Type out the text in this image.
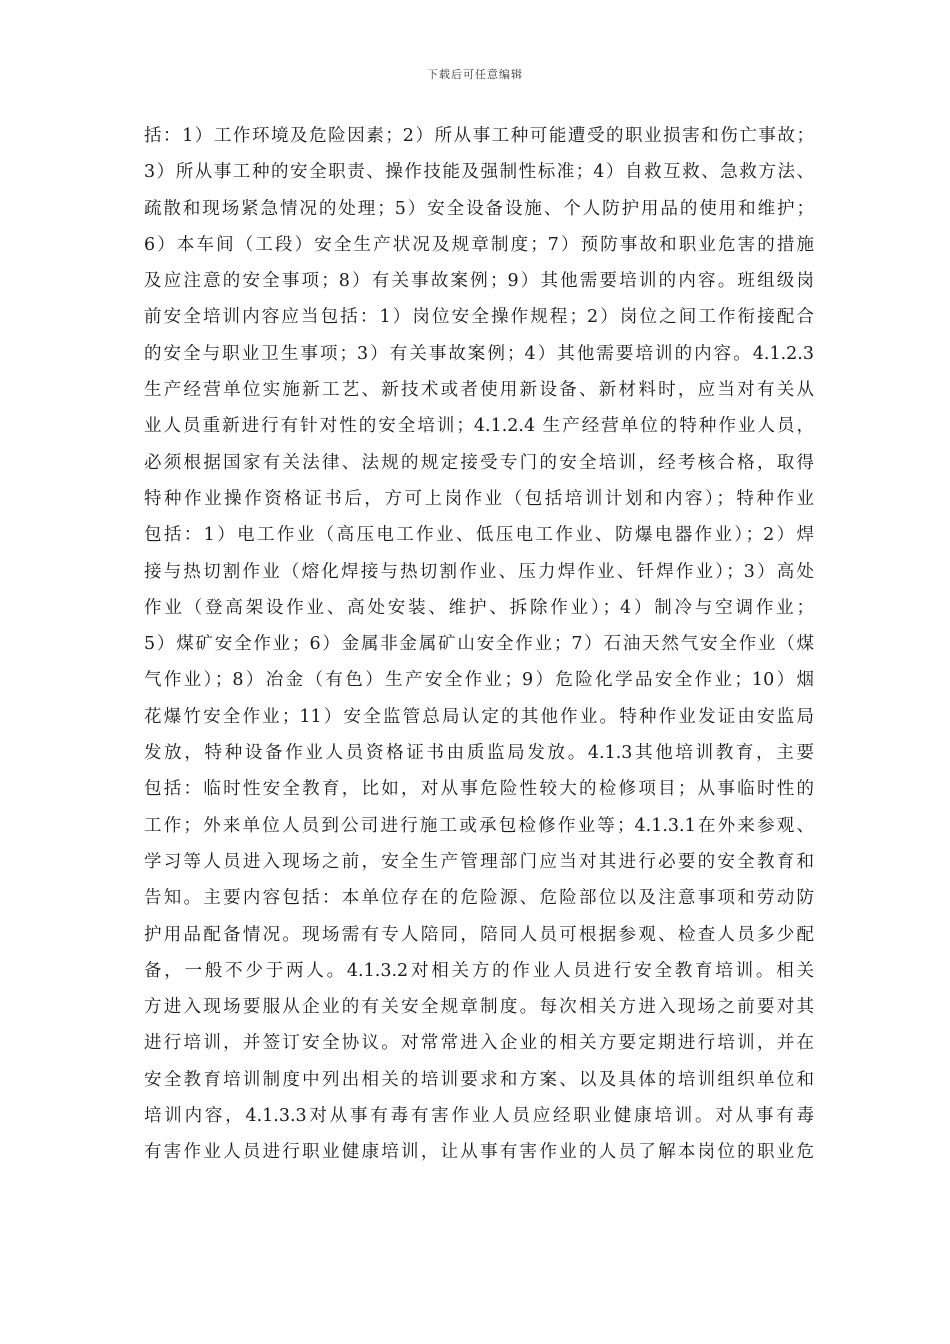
下载后可任意编辑
括：1）工作环境及危险因素；2）所从事工种可能遭受的职业损害和伤亡事故；
3）所从事工种的安全职责、操作技能及强制性标准；4）自救互救、急救方法、
疏散和现场紧急情况的处理；5）安全设备设施、个人防护用品的使用和维护；
6）本车间（工段）安全生产状况及规章制度；7）预防事故和职业危害的措施
及应注意的安全事项；8）有关事故案例；9）其他需要培训的内容。班组级岗
前安全培训内容应当包括：1）岗位安全操作规程；2）岗位之间工作衔接配合
的安全与职业卫生事项；3）有关事故案例；4）其他需要培训的内容。4.1.2.3
生产经营单位实施新工艺、新技术或者使用新设备、新材料时，应当对有关从
业人员重新进行有针对性的安全培训；4.1.2.4 生产经营单位的特种作业人员，
必须根据国家有关法律、法规的规定接受专门的安全培训，经考核合格，取得
特种作业操作资格证书后，方可上岗作业（包括培训计划和内容）；特种作业
包括：1）电工作业（高压电工作业、低压电工作业、防爆电器作业）；2）焊
接与热切割作业（熔化焊接与热切割作业、压力焊作业、钎焊作业）；3）高处
作业（登高架设作业、高处安装、维护、拆除作业）；4）制冷与空调作业；
5）煤矿安全作业；6）金属非金属矿山安全作业；7）石油天然气安全作业（煤
气作业）；8）冶金（有色）生产安全作业；9）危险化学品安全作业；10）烟
花爆竹安全作业；11）安全监管总局认定的其他作业。特种作业发证由安监局
发放，特种设备作业人员资格证书由质监局发放。4.1.3其他培训教育，主要
包括：临时性安全教育，比如，对从事危险性较大的检修项目；从事临时性的
工作；外来单位人员到公司进行施工或承包检修作业等；4.1.3.1在外来参观、
学习等人员进入现场之前，安全生产管理部门应当对其进行必要的安全教育和
告知。主要内容包括：本单位存在的危险源、危险部位以及注意事项和劳动防
护用品配备情况。现场需有专人陪同，陪同人员可根据参观、检查人员多少配
备，一般不少于两人。4.1.3.2对相关方的作业人员进行安全教育培训。相关
方进入现场要服从企业的有关安全规章制度。每次相关方进入现场之前要对其
进行培训，并签订安全协议。对常常进入企业的相关方要定期进行培训，并在
安全教育培训制度中列出相关的培训要求和方案、以及具体的培训组织单位和
培训内容，4.1.3.3对从事有毒有害作业人员应经职业健康培训。对从事有毒
有害作业人员进行职业健康培训，让从事有害作业的人员了解本岗位的职业危
